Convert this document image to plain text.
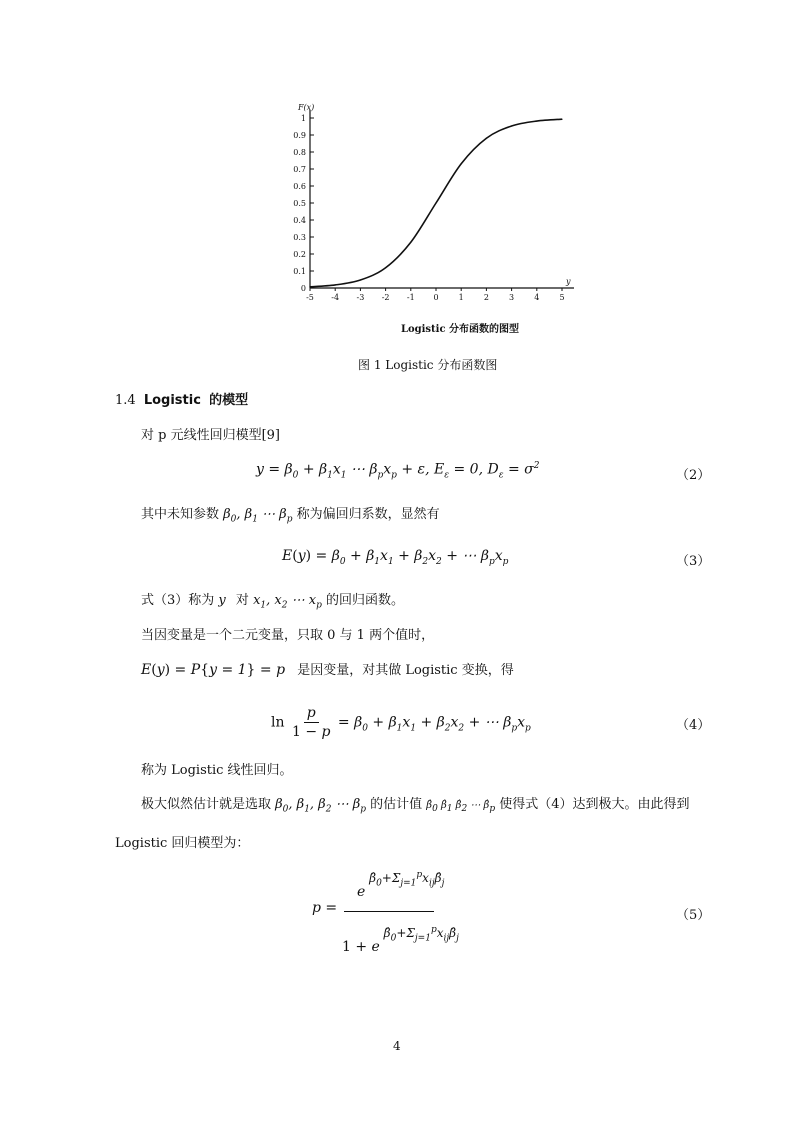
0
0.1
0.2
0.3
0.4
0.5
0.6
0.7
0.8
0.9
1
-5 -4 -3 -2 -1 0	1	2	3	4	5
F(x)
y
Logistic 分布函数的图型
图 1 Logistic 分布函数图
1.4 Logistic 的模型
对 p 元线性回归模型[9]
$y = \beta_0 + \beta_1x_1$ ⋯ $\beta_px_p + \varepsilon$, $E_\varepsilon = 0$, $D_\varepsilon = \sigma^2$
（2）
其中未知参数 $\beta_0$, $\beta_1$ ⋯ $\beta_p$ 称为偏回归系数，显然有
$E(y) = \beta_0 + \beta_1x_1 + \beta_2x_2$ + ⋯ $\beta_px_p$	（3）
式（3）称为 y 对 $x_1$, $x_2$ ⋯ $x_p$ 的回归函数。
当因变量是一个二元变量，只取 0 与 1 两个值时，
E(y) = P{y = 1} = p 是因变量，对其做 Logistic 变换，得
$\ln \frac{p}{1 - p} = \beta_0 + \beta_1x_1 + \beta_2x_2$ + ⋯ $\beta_px_p$	（4）
称为 Logistic 线性回归。
极大似然估计就是选取 $\beta_0$, $\beta_1$, $\beta_2$ ⋯ $\beta_p$ 的估计值 $\betâ_0$ $\betâ_1$ $\betâ_2$ ⋯ $\betâ_p$ 使得式（4）达到极大。由此得到
Logistic 回归模型为：
p =
e $\betâ_0+\Sigma_{j=1}^px_{ij}\betâ_j$
1 + e $\betâ_0+\Sigma_{j=1}^px_{ij}\betâ_j$
（5）
4
